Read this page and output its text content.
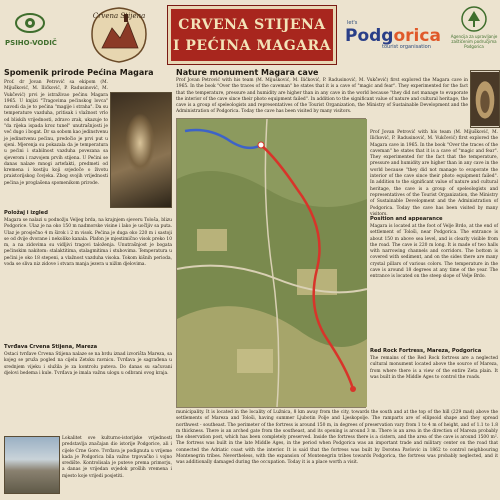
PSIHO-VODIČ
Crvena Stijena
CRVENA STIJENA
I PEĆINA MAGARA
let's
Podgorica
tourist organisation
Agencija za upravljanje zaštićenim područjima Podgorica
Spomenik prirode Pećina Magara
Prof. dr Jovan Petrović sa ekipom (M. Mijušković, M. Ilićković, P. Radusinović, M. Vukčević) prvi je istraživao pećinu Magara 1965. U knjizi "Tragovima pećinskog lovca" navodi da je to pećina "magije i straha". Da su temperature vazduha, pritisak i vlažnost vrlo od bliskih vrijednosti, zdravo zrak, ukazuje to "da rijeka ispada kroz tunel" unutrašnjosti je već dugo i bogat. Dr sa sobom kao jedinstvenu je jedinstvenu pećinu, predočio je prvi put u sjeni. Mjerenja su pokazala da je temperatura u pećini i stabilnost vazduha povezana sa sjeverom i razvojem prvih stijena. U Pećini se danas nalaze mnogi artefakti, predmeti od kremena i kostiju koji svjedoče o životu praistorijskog čovjeka. Zbog svojih vrijednosti pećina je proglašena spomenikom prirode.
Položaj i izgled
Magara se nalazi u podnožju Veljeg brda, na krajnjem sjeveru Tološa, blizu Podgorice. Ulaz je na oko 150 m nadmorske visine i lako je uočljiv sa puta. Ulaz je prosječno 4 m širok i 2 m visok. Pećina je duga oko 220 m i sastoji se od dvije dvorane i nekoliko kanala. Plafon je mjestimično visok preko 10 m, a na zidovima su vidljivi tragovi taloženja. Unutrašnjost je bogata pećinskim nakitom: stalaktitima, stalagmitima i stubovima. Temperatura u pećini je oko 18 stepeni, a vlažnost vazduha visoka. Tokom kišnih perioda, voda se sliva niz zidove i stvara manja jezera u nižim djelovima.
Tvrđava Crvena Stijena, Mareza
Ostaci tvrđave Crvena Stijena nalaze se na brdu iznad izvorišta Mareza, sa kojeg se pruža pogled na cijelu Zetsku ravnicu. Tvrđava je sagrađena u srednjem vijeku i služila je za kontrolu puteva. Do danas su sačuvani djelovi bedema i kule. Tvrđava je imala važnu ulogu u odbrani ovog kraja.
Lokalitet ove kulturno-istorijske vrijednosti predstavlja značajan dio istorije Podgorice, ali i cijele Crne Gore. Tvrđava je podignuta u vrijeme kada je Podgorica bila važno trgovačko i vojno središte. Kontrolisala je puteve prema primorju, a danas je vrijedan svjedok prošlih vremena i mjesto koje vrijedi posjetiti.
Nature monument Magara cave
Prof Jovan Petrović with his team (M. Mijušković, M. Ilićković, P. Radusinović, M. Vukčević) first explored the Magara cave in 1965. In the book "Over the traces of the caveman" he states that it is a cave of "magic and fear". They experimented for the fact that the temperature, pressure and humidity are higher than in any cave in the world because "they did not manage to evaporate the interior of the cave since their photo equipment failed". In addition to the significant value of nature and cultural heritage, the cave is a group of speleologists and representatives of the Tourist Organization, the Ministry of Sustainable Development and the Administration of Podgorica. Today the cave has been visited by many visitors.
Prof Jovan Petrović with his team (M. Mijušković, M. Ilićković, P. Radusinović, M. Vukčević) first explored the Magara cave in 1965. In the book "Over the traces of the caveman" he states that it is a cave of "magic and fear". They experimented for the fact that the temperature, pressure and humidity are higher than in any cave in the world because "they did not manage to evaporate the interior of the cave since their photo equipment failed". In addition to the significant value of nature and cultural heritage, the cave is a group of speleologists and representatives of the Tourist Organization, the Ministry of Sustainable Development and the Administration of Podgorica. Today the cave has been visited by many visitors.
Position and appearance
Magara is located at the foot of Velje Brdo, at the end of settlement of Tološi, near Podgorica. The entrance is about 150 m above sea level, and is clearly visible from the road. The cave is 220 m long. It is made of two halls with narrowing channels and corridors. The bottom is covered with sediment, and on the sides there are many crystal pillars of various colors. The temperature in the cave is around 18 degrees at any time of the year. The entrance is located on the steep slope of Velje Brdo.
Red Rock Fortress, Mareza, Podgorica
The remains of the Red Rock fortress are a neglected cultural monument located above the source of Mareza, from where there is a view of the entire Zeta plain. It was built in the Middle Ages to control the roads.
municipality. It is located in the locality of Lužnica, 8 km away from the city, towards the south and at the top of the hill (229 mad) above the settlements of Mareza and Tološi, having summer Ljubotin Polje and Ljeskopolje. The ramparts are of ellipsoid shape and they spread northwest - southeast. The perimeter of the fortress is around 150 m, in degrees of preservation vary from 1 to 4 m of height, and of 1.1 to 1.8 m thickness. There is an arched gate from the southeast, and its opening is around 3 m. There is an area in the direction of Mareza probably the observation post, which has been completely preserved. Inside the fortress there is a cistern, and the area of the cave is around 1500 m². The fortress was built in the late Middle Ages, in the period when Podgorica was an important trade and military center on the road that connected the Adriatic coast with the interior. It is said that the fortress was built by Dorotea Pavlovic in 1862 to control neighbouring Montenegrin tribes. Nevertheless, with the expansion of Montenegrin tribes towards Podgorica, the fortress was probably neglected, and it was additionally damaged during the occupation. Today it is a place worth a visit.
